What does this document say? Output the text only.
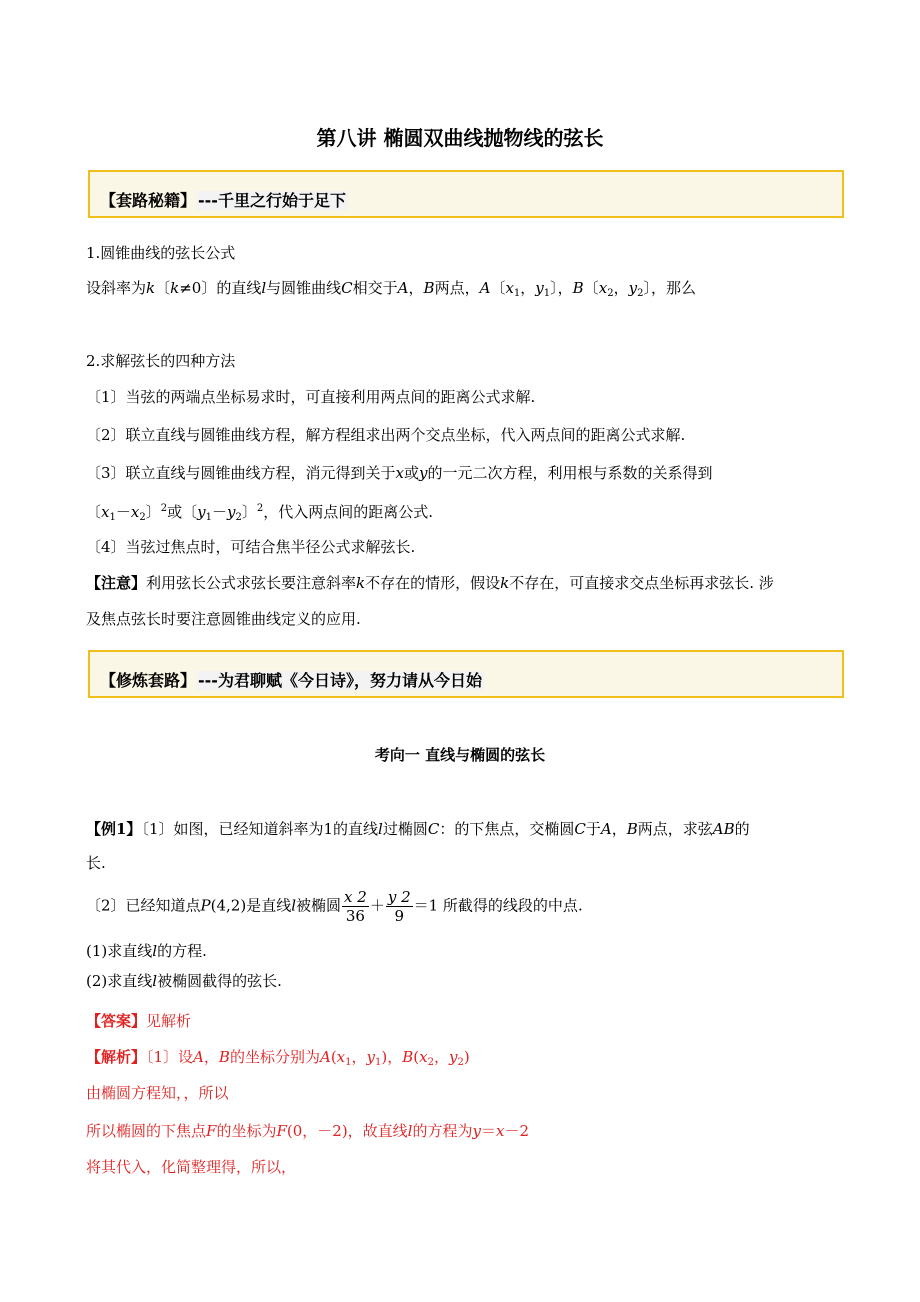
第八讲 椭圆双曲线抛物线的弦长
【套路秘籍】 ---千里之行始于足下
1.圆锥曲线的弦长公式
设斜率为k〔k≠0〕的直线l与圆锥曲线C相交于A，B两点，A〔$x_1$，$y_1$〕，B〔$x_2$，$y_2$〕，那么
2.求解弦长的四种方法
〔1〕当弦的两端点坐标易求时，可直接利用两点间的距离公式求解.
〔2〕联立直线与圆锥曲线方程，解方程组求出两个交点坐标，代入两点间的距离公式求解.
〔3〕联立直线与圆锥曲线方程，消元得到关于x或y的一元二次方程，利用根与系数的关系得到
〔$x_1-x_2$〕$^2$或〔$y_1-y_2$〕$^2$，代入两点间的距离公式.
〔4〕当弦过焦点时，可结合焦半径公式求解弦长.
【注意】利用弦长公式求弦长要注意斜率k不存在的情形，假设k不存在，可直接求交点坐标再求弦长. 涉
及焦点弦长时要注意圆锥曲线定义的应用.
【修炼套路】 ---为君聊赋《今日诗》，努力请从今日始
考向一 直线与椭圆的弦长
【例1】〔1〕如图，已经知道斜率为1的直线l过椭圆C：的下焦点，交椭圆C于A，B两点，求弦AB的
长.
〔2〕已经知道点P(4,2)是直线l被椭圆 $\frac{x 2}{36} + \frac{y 2}{9} =1$ 所截得的线段的中点.
(1)求直线l的方程.
(2)求直线l被椭圆截得的弦长.
【答案】见解析
【解析】〔1〕设A，B的坐标分别为$A(x_1$，$y_1$)，$B(x_2$，$y_2$)
由椭圆方程知，，所以
所以椭圆的下焦点F的坐标为F(0，－2)，故直线l的方程为y＝x－2
将其代入，化简整理得，所以，
